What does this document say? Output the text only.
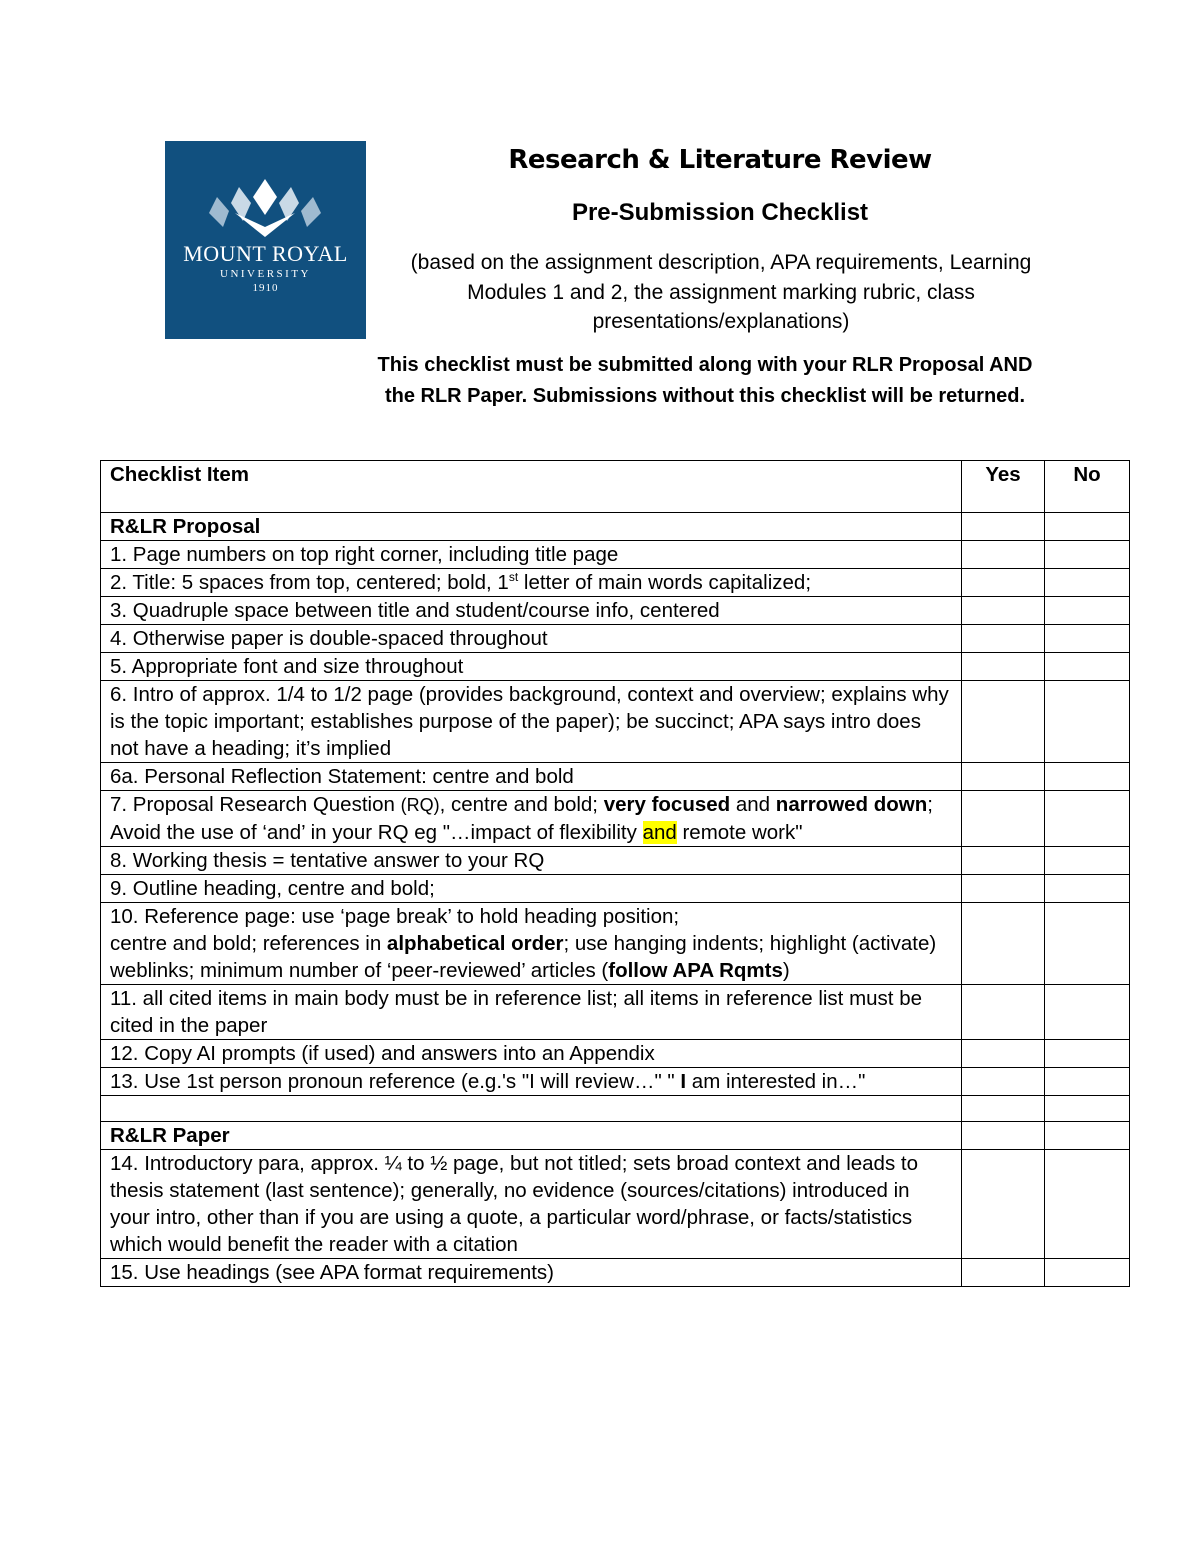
MOUNT ROYAL
UNIVERSITY
1910
Research & Literature Review
Pre-Submission Checklist
(based on the assignment description, APA requirements, Learning Modules 1 and 2, the assignment marking rubric, class presentations/explanations)
This checklist must be submitted along with your RLR Proposal AND the RLR Paper. Submissions without this checklist will be returned.
Checklist Item	Yes	No
R&LR Proposal		
1. Page numbers on top right corner, including title page		
2. Title: 5 spaces from top, centered; bold, 1st letter of main words capitalized;		
3. Quadruple space between title and student/course info, centered		
4. Otherwise paper is double-spaced throughout		
5. Appropriate font and size throughout		
6. Intro of approx. 1/4 to 1/2 page (provides background, context and overview; explains why is the topic important; establishes purpose of the paper); be succinct; APA says intro does not have a heading; it’s implied		
6a. Personal Reflection Statement: centre and bold		
7. Proposal Research Question (RQ), centre and bold; very focused and narrowed down; Avoid the use of ‘and’ in your RQ eg "…impact of flexibility and remote work"		
8. Working thesis = tentative answer to your RQ		
9. Outline heading, centre and bold;		
10. Reference page: use ‘page break’ to hold heading position;
centre and bold; references in alphabetical order; use hanging indents; highlight (activate) weblinks; minimum number of ‘peer-reviewed’ articles (follow APA Rqmts)		
11. all cited items in main body must be in reference list; all items in reference list must be cited in the paper		
12. Copy AI prompts (if used) and answers into an Appendix		
13. Use 1st person pronoun reference (e.g.'s "I will review…" " I am interested in…"		

R&LR Paper		
14. Introductory para, approx. ¼ to ½ page, but not titled; sets broad context and leads to thesis statement (last sentence); generally, no evidence (sources/citations) introduced in your intro, other than if you are using a quote, a particular word/phrase, or facts/statistics which would benefit the reader with a citation		
15. Use headings (see APA format requirements)		
